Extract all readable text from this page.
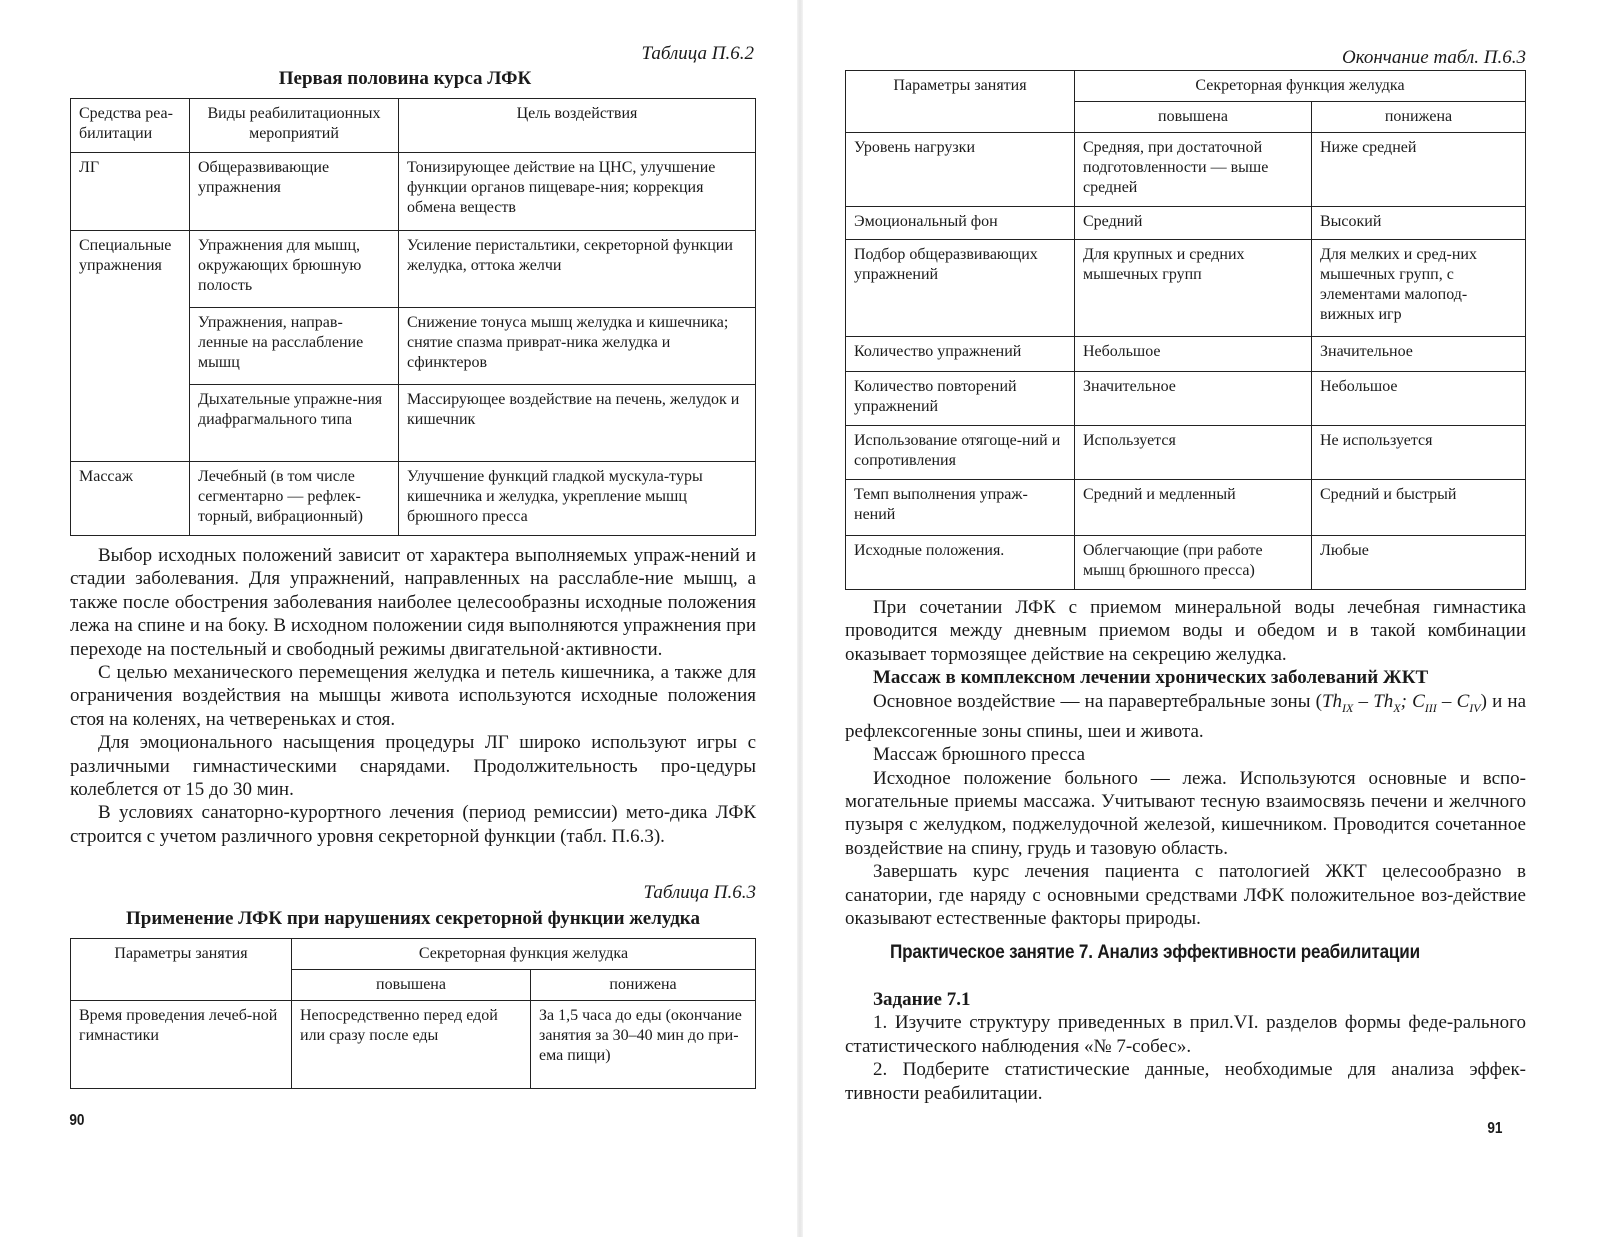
Таблица П.6.2
Первая половина курса ЛФК
Средства реа-билитации	Виды реабилитационных мероприятий	Цель воздействия
ЛГ	Общеразвивающие упражнения	Тонизирующее действие на ЦНС, улучшение функции органов пищеваре-ния; коррекция обмена веществ
Специальные упражнения	Упражнения для мышц, окружающих брюшную полость	Усиление перистальтики, секреторной функции желудка, оттока желчи
	Упражнения, направ-ленные на расслабление мышц	Снижение тонуса мышц желудка и кишечника; снятие спазма приврат-ника желудка и сфинктеров
	Дыхательные упражне-ния диафрагмального типа	Массирующее воздействие на печень, желудок и кишечник
Массаж	Лечебный (в том числе сегментарно — рефлек-торный, вибрационный)	Улучшение функций гладкой мускула-туры кишечника и желудка, укрепление мышц брюшного пресса

Выбор исходных положений зависит от характера выполняемых упраж-нений и стадии заболевания. Для упражнений, направленных на расслабле-ние мышц, а также после обострения заболевания наиболее целесообразны исходные положения лежа на спине и на боку. В исходном положении сидя выполняются упражнения при переходе на постельный и свободный режимы двигательной·активности.

С целью механического перемещения желудка и петель кишечника, а также для ограничения воздействия на мышцы живота используются исходные положения стоя на коленях, на четвереньках и стоя.

Для эмоционального насыщения процедуры ЛГ широко используют игры с различными гимнастическими снарядами. Продолжительность про-цедуры колеблется от 15 до 30 мин.

В условиях санаторно-курортного лечения (период ремиссии) мето-дика ЛФК строится с учетом различного уровня секреторной функции (табл. П.6.3).

Таблица П.6.3
Применение ЛФК при нарушениях секреторной функции желудка
Параметры занятия	Секреторная функция желудка	
	повышена	понижена
Время проведения лечеб-ной гимнастики	Непосредственно перед едой или сразу после еды	За 1,5 часа до еды (окончание занятия за 30–40 мин до при-ема пищи)
90
Окончание табл. П.6.3
Параметры занятия	Секреторная функция желудка	
	повышена	понижена
Уровень нагрузки	Средняя, при достаточной подготовленности — выше средней	Ниже средней
Эмоциональный фон	Средний	Высокий
Подбор общеразвивающих упражнений	Для крупных и средних мышечных групп	Для мелких и сред-них мышечных групп, с элементами малопод-вижных игр
Количество упражнений	Небольшое	Значительное
Количество повторений упражнений	Значительное	Небольшое
Использование отягоще-ний и сопротивления	Используется	Не используется
Темп выполнения упраж-нений	Средний и медленный	Средний и быстрый
Исходные положения.	Облегчающие (при работе мышц брюшного пресса)	Любые

При сочетании ЛФК с приемом минеральной воды лечебная гимнастика проводится между дневным приемом воды и обедом и в такой комбинации оказывает тормозящее действие на секрецию желудка.

Массаж в комплексном лечении хронических заболеваний ЖКТ

Основное воздействие — на паравертебральные зоны ($Th_{IX} - Th_X$; $C_{III} - C_{IV}$) и на рефлексогенные зоны спины, шеи и живота.

Массаж брюшного пресса

Исходное положение больного — лежа. Используются основные и вспо-могательные приемы массажа. Учитывают тесную взаимосвязь печени и желчного пузыря с желудком, поджелудочной железой, кишечником. Проводится сочетанное воздействие на спину, грудь и тазовую область.

Завершать курс лечения пациента с патологией ЖКТ целесообразно в санатории, где наряду с основными средствами ЛФК положительное воз-действие оказывают естественные факторы природы.

Практическое занятие 7. Анализ эффективности реабилитации

Задание 7.1

1. Изучите структуру приведенных в прил.VI. разделов формы феде-рального статистического наблюдения «№ 7-собес».

2. Подберите статистические данные, необходимые для анализа эффек-тивности реабилитации.

91
